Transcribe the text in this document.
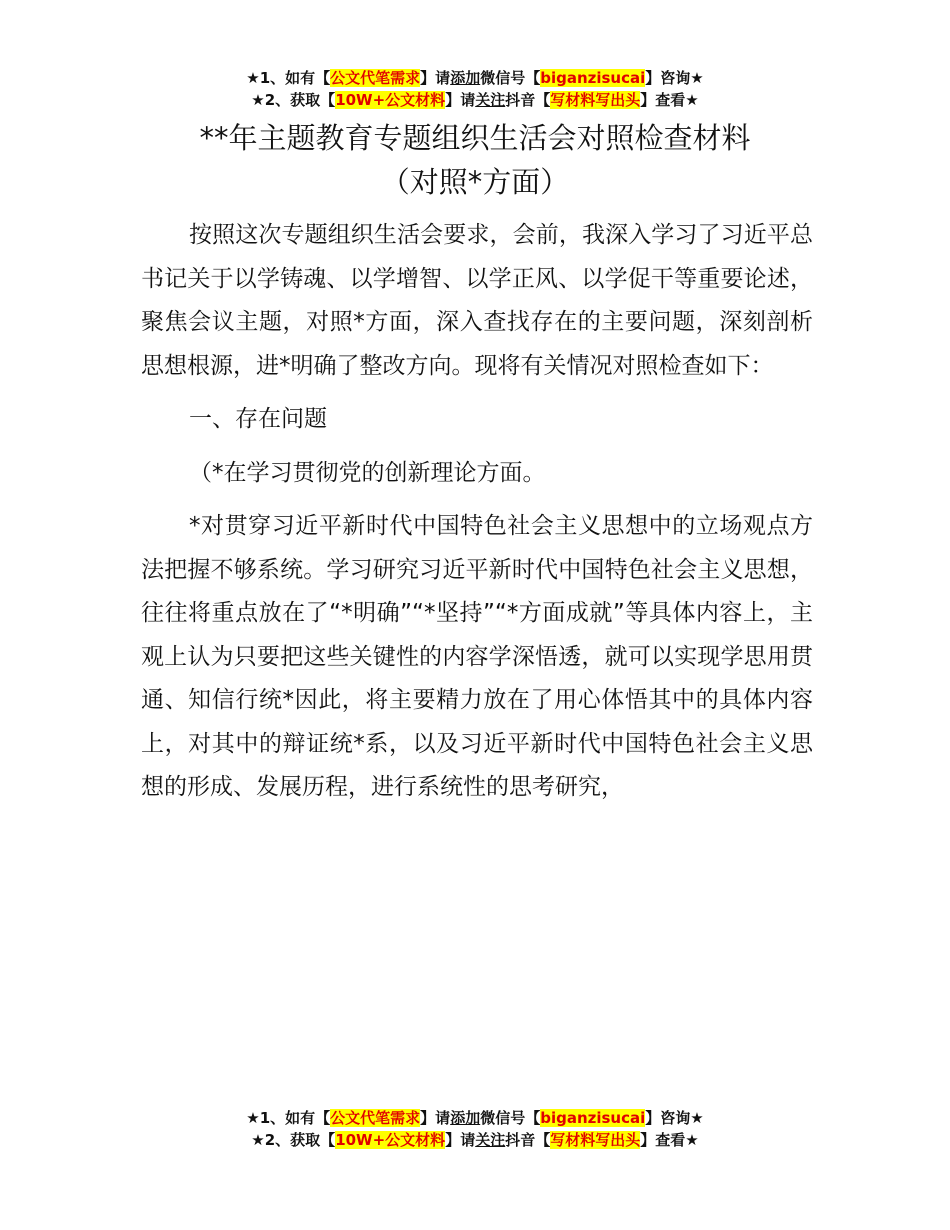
★1、如有【公文代笔需求】请添加微信号【biganzisucai】咨询★
★2、获取【10W+公文材料】请关注抖音【写材料写出头】查看★
**年主题教育专题组织生活会对照检查材料
（对照*方面）

按照这次专题组织生活会要求，会前，我深入学习了习近平总书记关于以学铸魂、以学增智、以学正风、以学促干等重要论述，聚焦会议主题，对照*方面，深入查找存在的主要问题，深刻剖析思想根源，进*明确了整改方向。现将有关情况对照检查如下：

一、存在问题

（*在学习贯彻党的创新理论方面。

*对贯穿习近平新时代中国特色社会主义思想中的立场观点方法把握不够系统。学习研究习近平新时代中国特色社会主义思想，往往将重点放在了“*明确”“*坚持”“*方面成就”等具体内容上，主观上认为只要把这些关键性的内容学深悟透，就可以实现学思用贯通、知信行统*因此，将主要精力放在了用心体悟其中的具体内容上，对其中的辩证统*系，以及习近平新时代中国特色社会主义思想的形成、发展历程，进行系统性的思考研究，

★1、如有【公文代笔需求】请添加微信号【biganzisucai】咨询★
★2、获取【10W+公文材料】请关注抖音【写材料写出头】查看★
